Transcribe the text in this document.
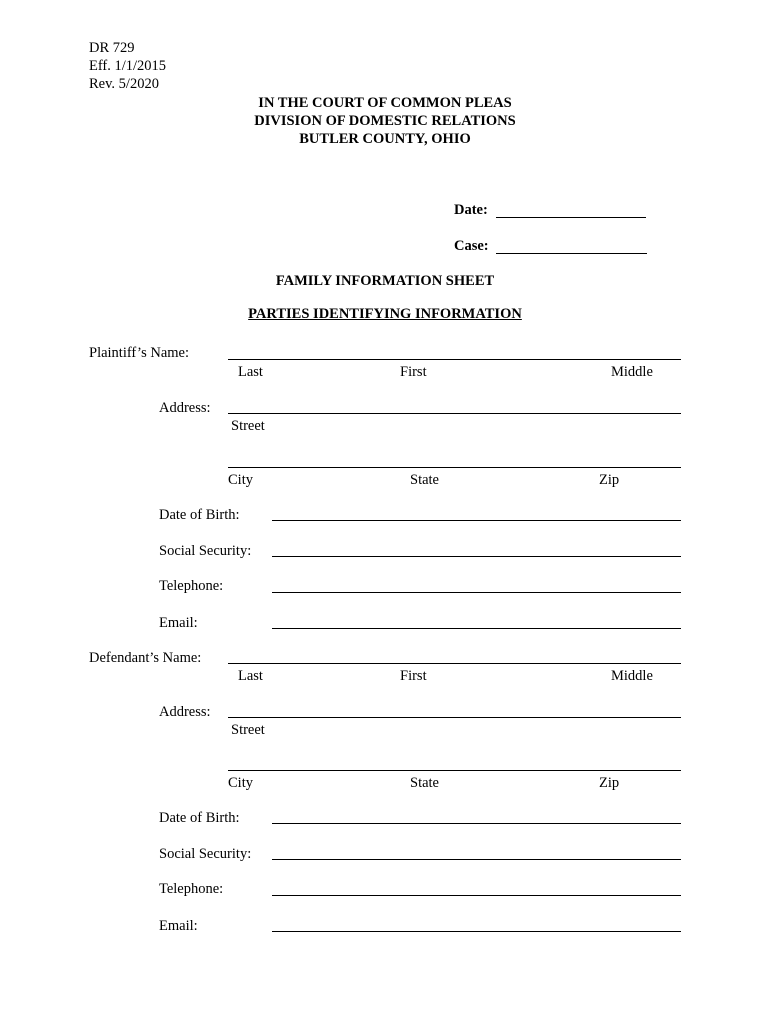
DR 729
Eff. 1/1/2015
Rev. 5/2020
IN THE COURT OF COMMON PLEAS
DIVISION OF DOMESTIC RELATIONS
BUTLER COUNTY, OHIO
Date:
Case:
FAMILY INFORMATION SHEET
PARTIES IDENTIFYING INFORMATION
Plaintiff’s Name:
Last	First	Middle
Address:
Street
City	State	Zip
Date of Birth:
Social Security:
Telephone:
Email:
Defendant’s Name:
Last	First	Middle
Address:
Street
City	State	Zip
Date of Birth:
Social Security:
Telephone:
Email:
